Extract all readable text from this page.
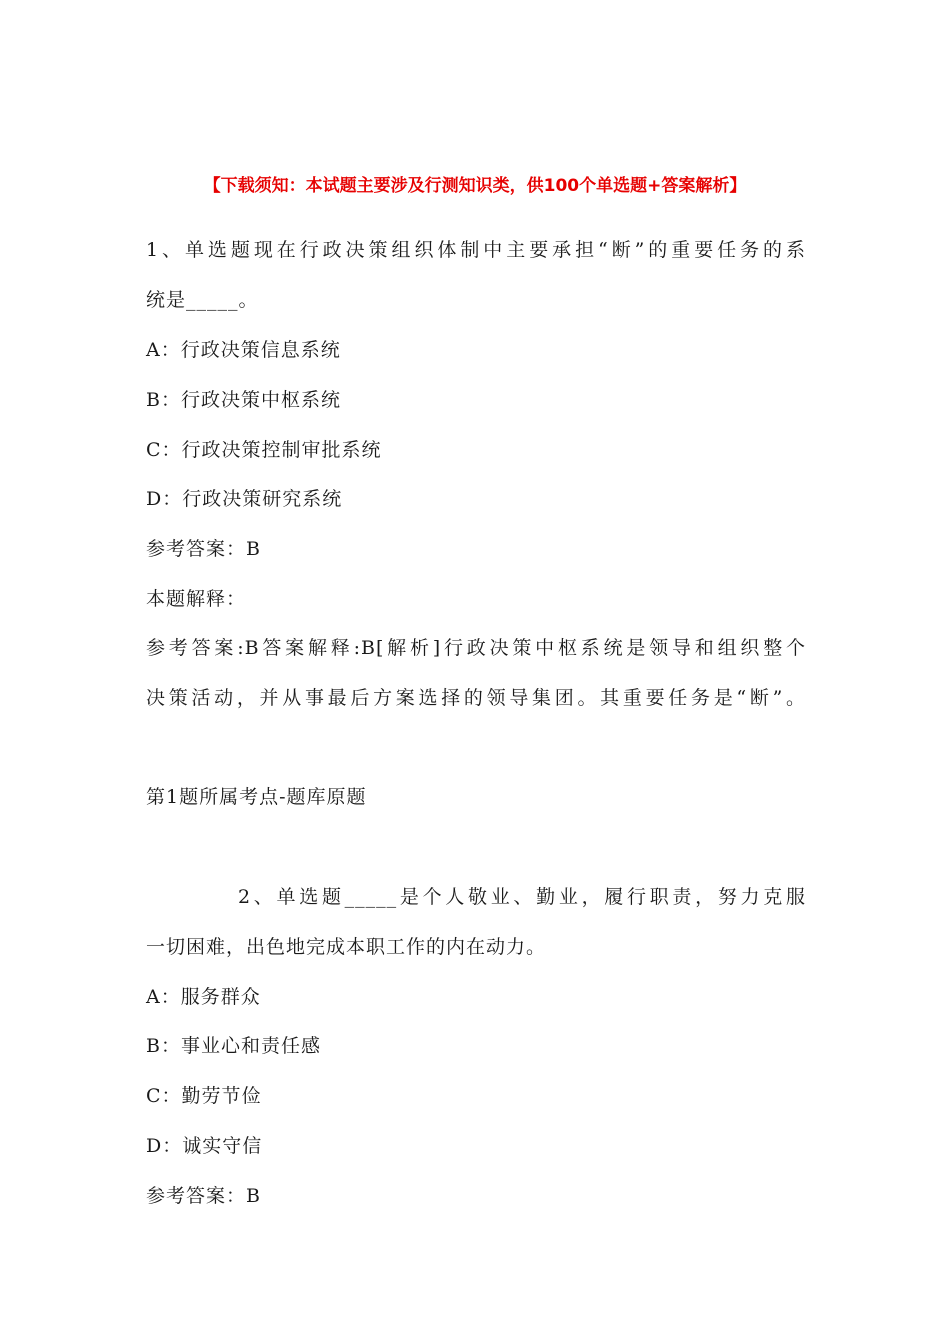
【下载须知：本试题主要涉及行测知识类，供100个单选题+答案解析】
1、单选题现在行政决策组织体制中主要承担“断”的重要任务的系
统是_____。
A：行政决策信息系统
B：行政决策中枢系统
C：行政决策控制审批系统
D：行政决策研究系统
参考答案：B
本题解释：
参考答案:B答案解释:B[解析]行政决策中枢系统是领导和组织整个
决策活动，并从事最后方案选择的领导集团。其重要任务是“断”。
第1题所属考点-题库原题
2、单选题_____是个人敬业、勤业，履行职责，努力克服
一切困难，出色地完成本职工作的内在动力。
A：服务群众
B：事业心和责任感
C：勤劳节俭
D：诚实守信
参考答案：B
